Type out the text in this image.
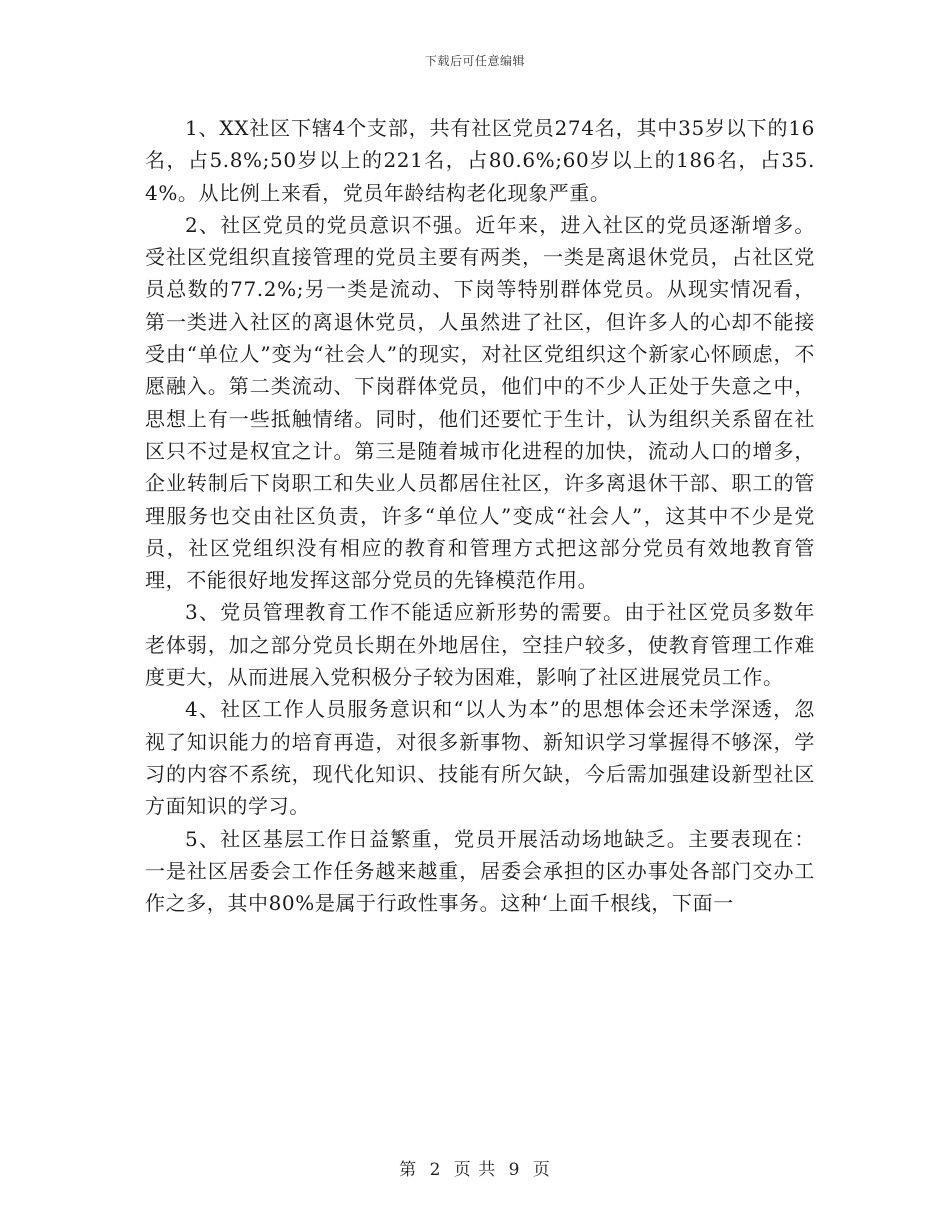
下载后可任意编辑

1、XX社区下辖4个支部，共有社区党员274名，其中35岁以下的16名，占5.8%;50岁以上的221名，占80.6%;60岁以上的186名，占35.4%。从比例上来看，党员年龄结构老化现象严重。

2、社区党员的党员意识不强。近年来，进入社区的党员逐渐增多。受社区党组织直接管理的党员主要有两类，一类是离退休党员，占社区党员总数的77.2%;另一类是流动、下岗等特别群体党员。从现实情况看，第一类进入社区的离退休党员，人虽然进了社区，但许多人的心却不能接受由“单位人”变为“社会人”的现实，对社区党组织这个新家心怀顾虑，不愿融入。第二类流动、下岗群体党员，他们中的不少人正处于失意之中，思想上有一些抵触情绪。同时，他们还要忙于生计，认为组织关系留在社区只不过是权宜之计。第三是随着城市化进程的加快，流动人口的增多，企业转制后下岗职工和失业人员都居住社区，许多离退休干部、职工的管理服务也交由社区负责，许多“单位人”变成“社会人”，这其中不少是党员，社区党组织没有相应的教育和管理方式把这部分党员有效地教育管理，不能很好地发挥这部分党员的先锋模范作用。

3、党员管理教育工作不能适应新形势的需要。由于社区党员多数年老体弱，加之部分党员长期在外地居住，空挂户较多，使教育管理工作难度更大，从而进展入党积极分子较为困难，影响了社区进展党员工作。

4、社区工作人员服务意识和“以人为本”的思想体会还未学深透，忽视了知识能力的培育再造，对很多新事物、新知识学习掌握得不够深，学习的内容不系统，现代化知识、技能有所欠缺，今后需加强建设新型社区方面知识的学习。

5、社区基层工作日益繁重，党员开展活动场地缺乏。主要表现在：一是社区居委会工作任务越来越重，居委会承担的区办事处各部门交办工作之多，其中80%是属于行政性事务。这种‘上面千根线，下面一

第 2 页 共 9 页
